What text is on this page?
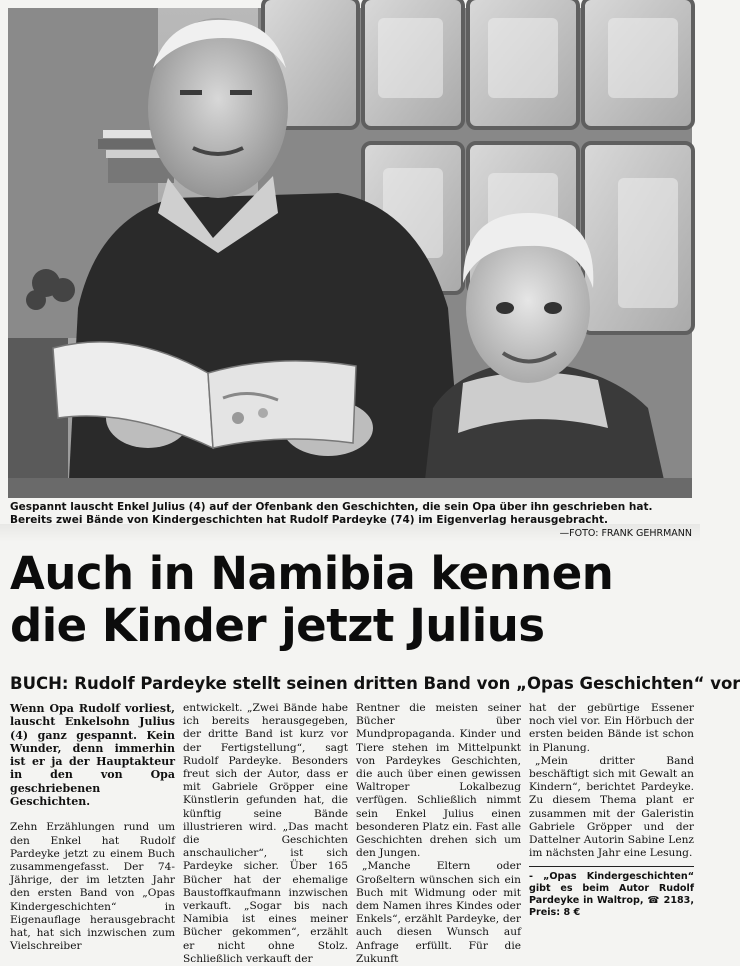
Gespannt lauscht Enkel Julius (4) auf der Ofenbank den Geschichten, die sein Opa über ihn geschrieben hat. Bereits zwei Bände von Kindergeschichten hat Rudolf Pardeyke (74) im Eigenverlag herausgebracht.
—FOTO: FRANK GEHRMANN
Auch in Namibia kennen
die Kinder jetzt Julius
BUCH: Rudolf Pardeyke stellt seinen dritten Band von „Opas Geschichten“ vor

Wenn Opa Rudolf vorliest, lauscht Enkelsohn Julius (4) ganz gespannt. Kein Wunder, denn immerhin ist er ja der Hauptakteur in den von Opa geschriebenen Geschichten.

Zehn Erzählungen rund um den Enkel hat Rudolf Pardeyke jetzt zu einem Buch zusammengefasst. Der 74-Jährige, der im letzten Jahr den ersten Band von „Opas Kindergeschichten“ in Eigenauflage herausgebracht hat, hat sich inzwischen zum Vielschreiber

entwickelt. „Zwei Bände habe ich bereits herausgegeben, der dritte Band ist kurz vor der Fertigstellung“, sagt Rudolf Pardeyke. Besonders freut sich der Autor, dass er mit Gabriele Gröpper eine Künstlerin gefunden hat, die künftig seine Bände illustrieren wird. „Das macht die Geschichten anschaulicher“, ist sich Pardeyke sicher. Über 165 Bücher hat der ehemalige Baustoffkaufmann inzwischen verkauft. „Sogar bis nach Namibia ist eines meiner Bücher gekommen“, erzählt er nicht ohne Stolz. Schließlich verkauft der

Rentner die meisten seiner Bücher über Mundpropaganda. Kinder und Tiere stehen im Mittelpunkt von Pardeykes Geschichten, die auch über einen gewissen Waltroper Lokalbezug verfügen. Schließlich nimmt sein Enkel Julius einen besonderen Platz ein. Fast alle Geschichten drehen sich um den Jungen.

„Manche Eltern oder Großeltern wünschen sich ein Buch mit Widmung oder mit dem Namen ihres Kindes oder Enkels“, erzählt Pardeyke, der auch diesen Wunsch auf Anfrage erfüllt. Für die Zukunft

hat der gebürtige Essener noch viel vor. Ein Hörbuch der ersten beiden Bände ist schon in Planung.

„Mein dritter Band beschäftigt sich mit Gewalt an Kindern“, berichtet Pardeyke. Zu diesem Thema plant er zusammen mit der Galeristin Gabriele Gröpper und der Dattelner Autorin Sabine Lenz im nächsten Jahr eine Lesung.

- „Opas Kindergeschichten“ gibt es beim Autor Rudolf Pardeyke in Waltrop, ☎ 2183, Preis: 8 €
